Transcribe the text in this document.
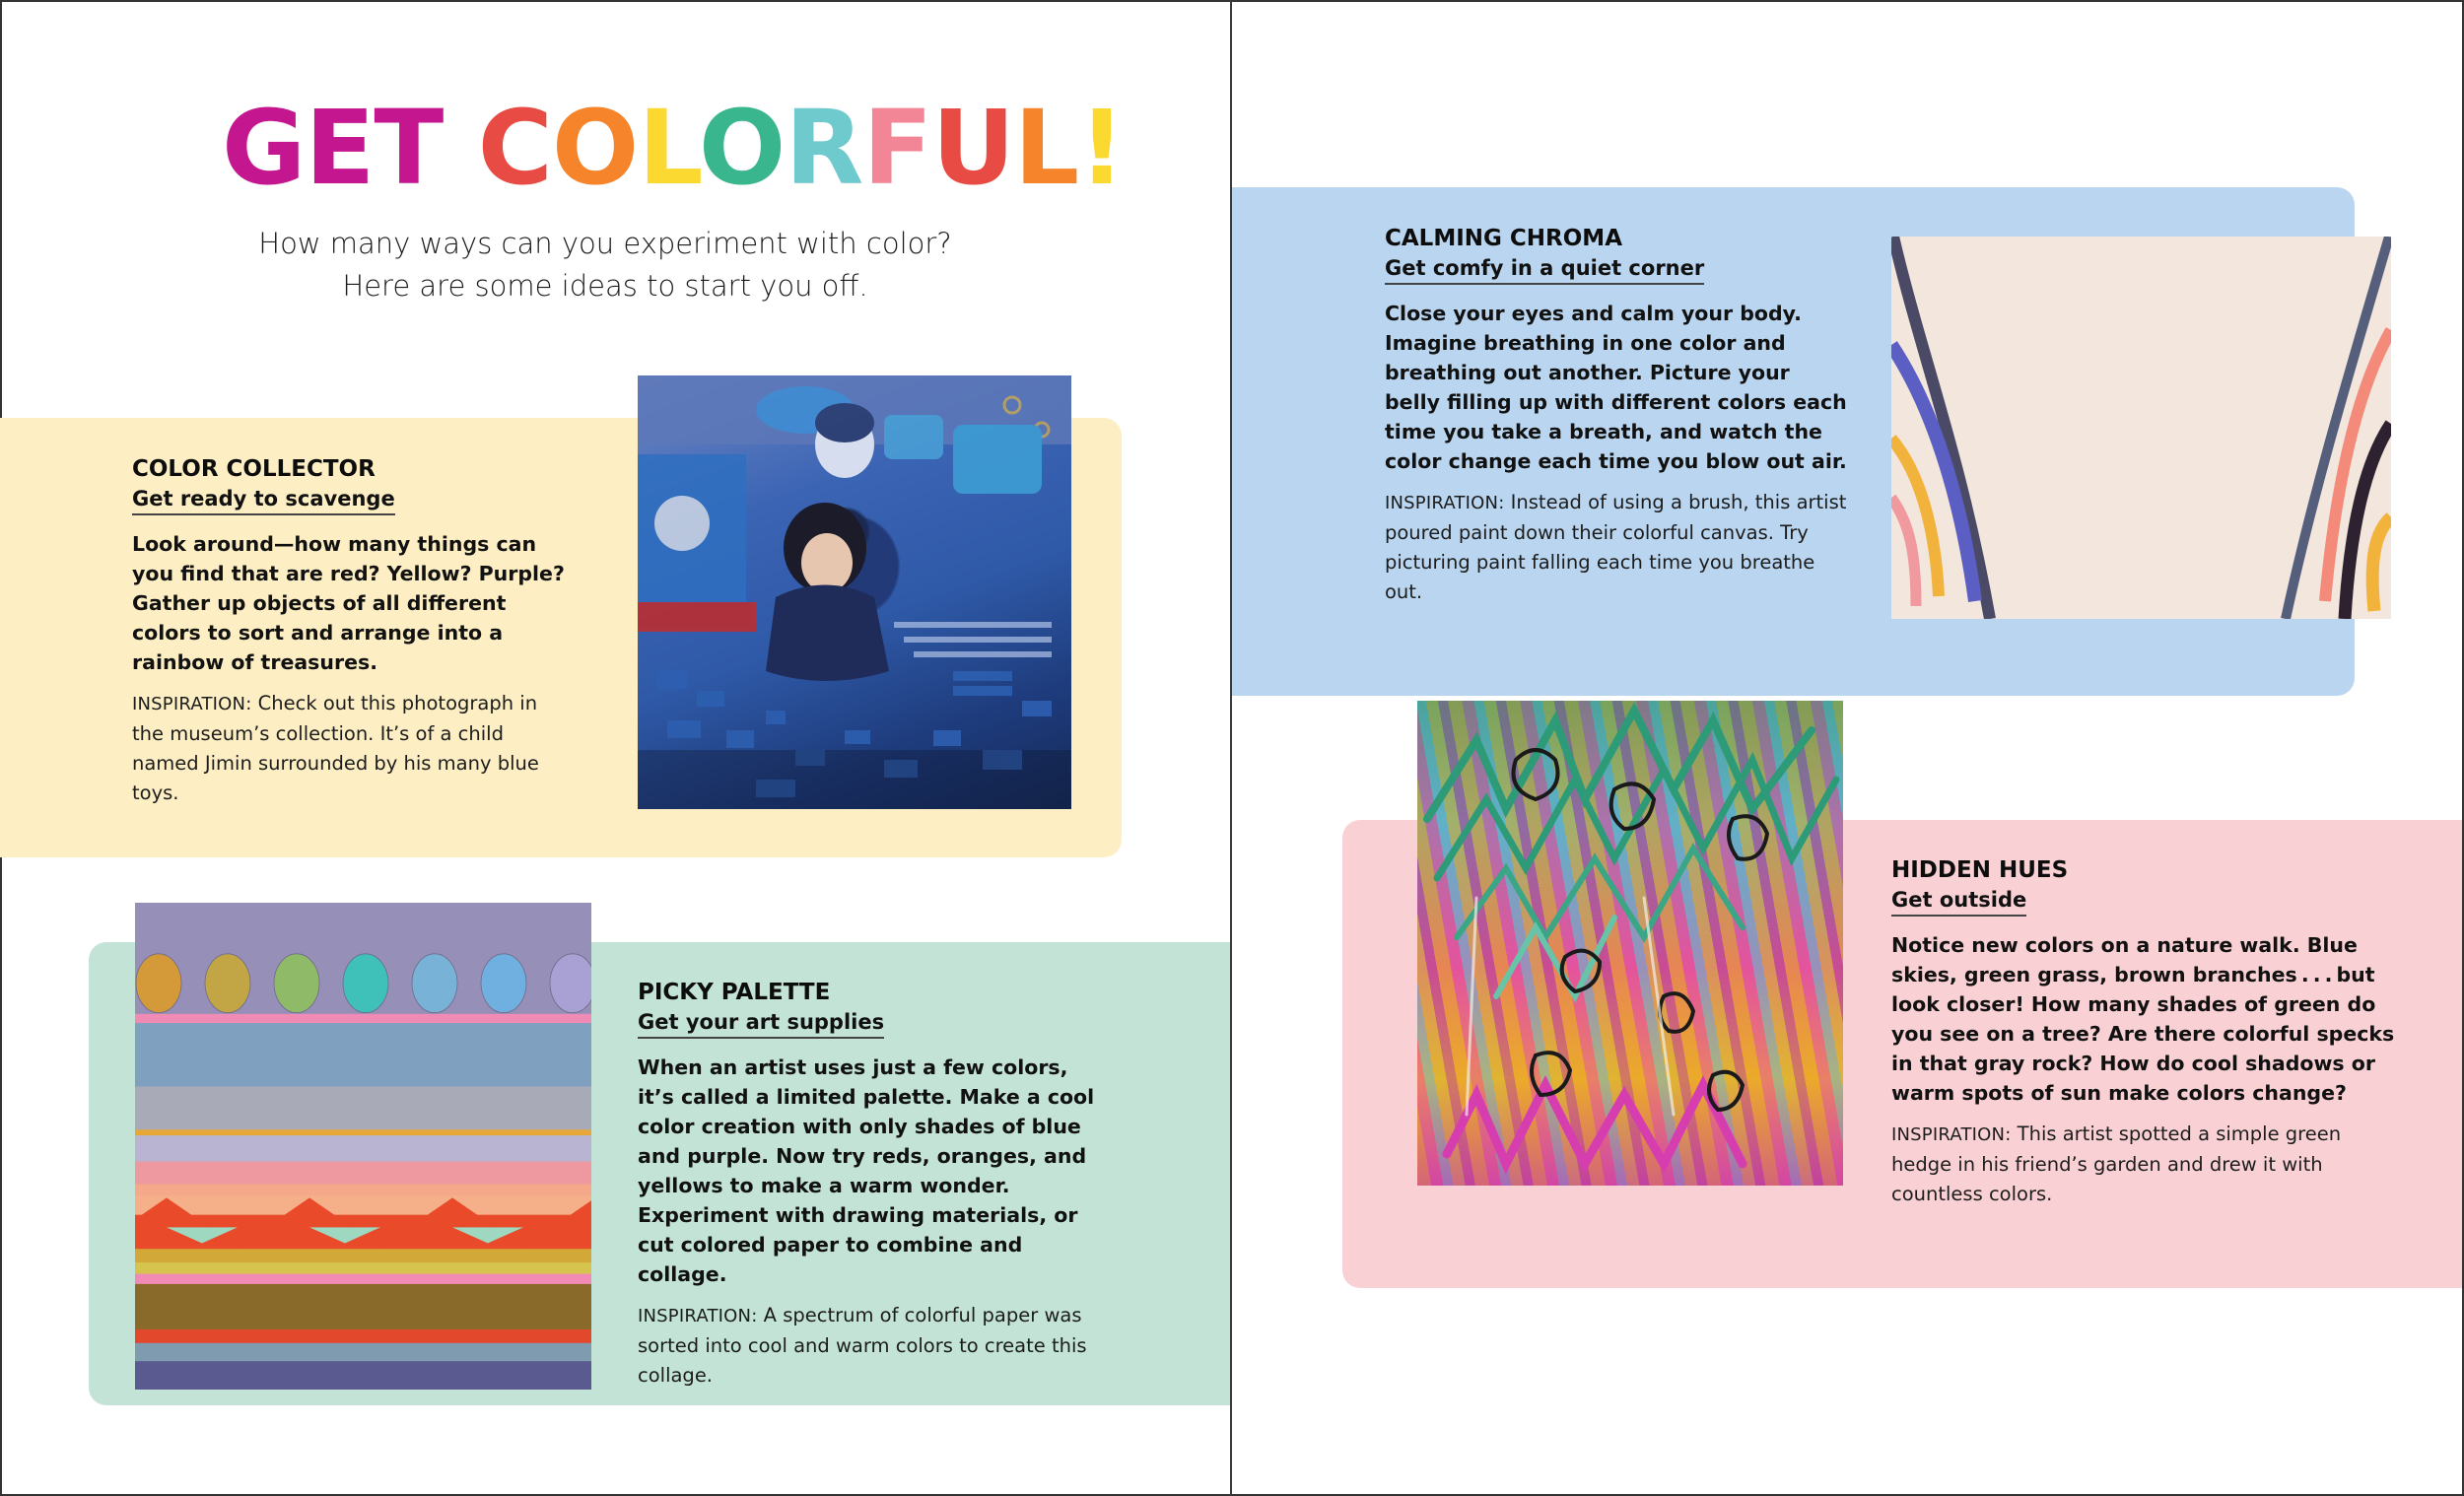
GET COLORFUL!
How many ways can you experiment with color?
Here are some ideas to start you off.
COLOR COLLECTOR
Get ready to scavenge

Look around—how many things can you find that are red? Yellow? Purple? Gather up objects of all different colors to sort and arrange into a rainbow of treasures.

INSPIRATION: Check out this photograph in the museum’s collection. It’s of a child named Jimin surrounded by his many blue toys.

PICKY PALETTE
Get your art supplies

When an artist uses just a few colors, it’s called a limited palette. Make a cool color creation with only shades of blue and purple. Now try reds, oranges, and yellows to make a warm wonder. Experiment with drawing materials, or cut colored paper to combine and collage.

INSPIRATION: A spectrum of colorful paper was sorted into cool and warm colors to create this collage.

CALMING CHROMA
Get comfy in a quiet corner

Close your eyes and calm your body. Imagine breathing in one color and breathing out another. Picture your belly filling up with different colors each time you take a breath, and watch the color change each time you blow out air.

INSPIRATION: Instead of using a brush, this artist poured paint down their colorful canvas. Try picturing paint falling each time you breathe out.

HIDDEN HUES
Get outside

Notice new colors on a nature walk. Blue skies, green grass, brown branches . . . but look closer! How many shades of green do you see on a tree? Are there colorful specks in that gray rock? How do cool shadows or warm spots of sun make colors change?

INSPIRATION: This artist spotted a simple green hedge in his friend’s garden and drew it with countless colors.
